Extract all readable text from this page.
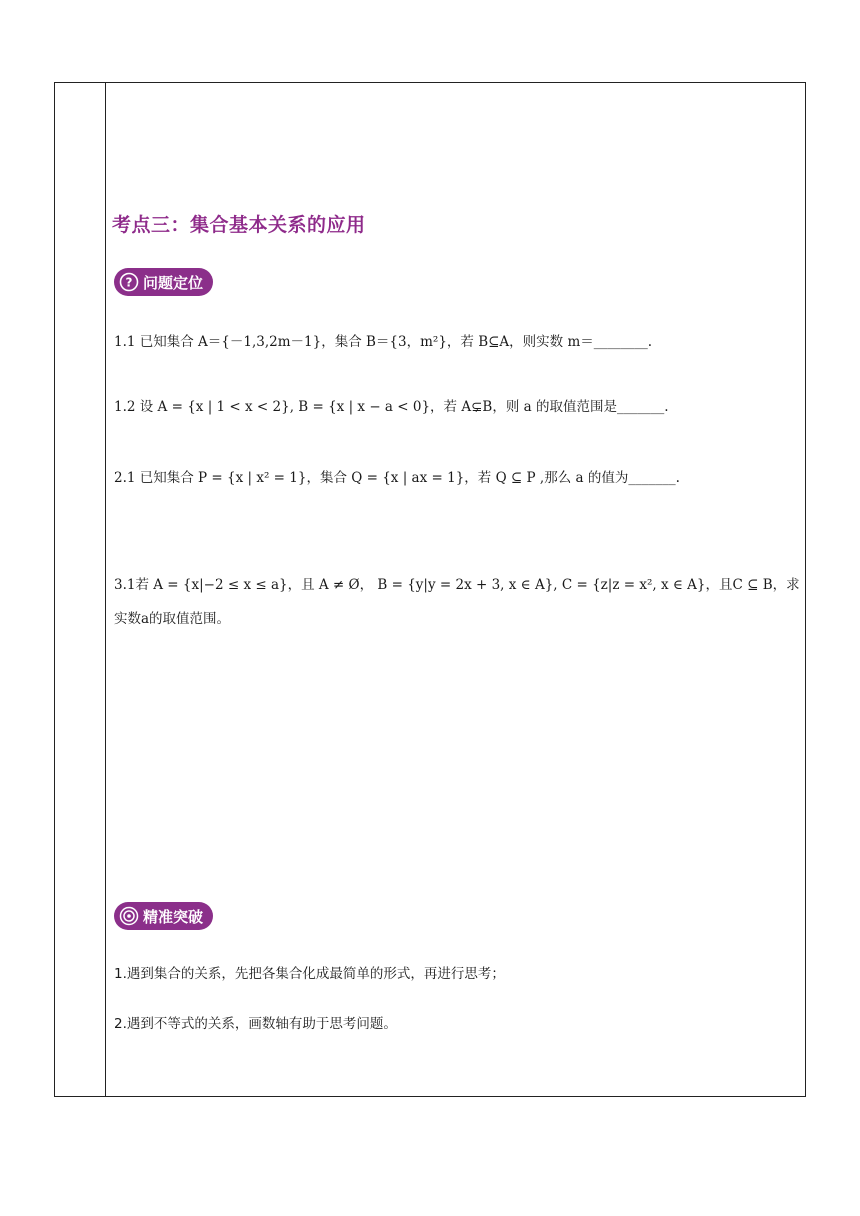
考点三：集合基本关系的应用
? 问题定位
1.1 已知集合 A＝{－1,3,2m－1}，集合 B＝{3，m²}，若 B⊆A，则实数 m＝________.
1.2 设 A = {x | 1 < x < 2}, B = {x | x − a < 0}，若 A⊊B，则 a 的取值范围是_______.
2.1 已知集合 P = {x | x² = 1}，集合 Q = {x | ax = 1}，若 Q ⊆ P ,那么 a 的值为_______.
3.1若 A = {x|−2 ≤ x ≤ a}，且 A ≠ Ø， B = {y|y = 2x + 3, x ∈ A}, C = {z|z = x², x ∈ A}，且C ⊆ B，求
实数a的取值范围。
精准突破
1.遇到集合的关系，先把各集合化成最简单的形式，再进行思考；
2.遇到不等式的关系，画数轴有助于思考问题。
